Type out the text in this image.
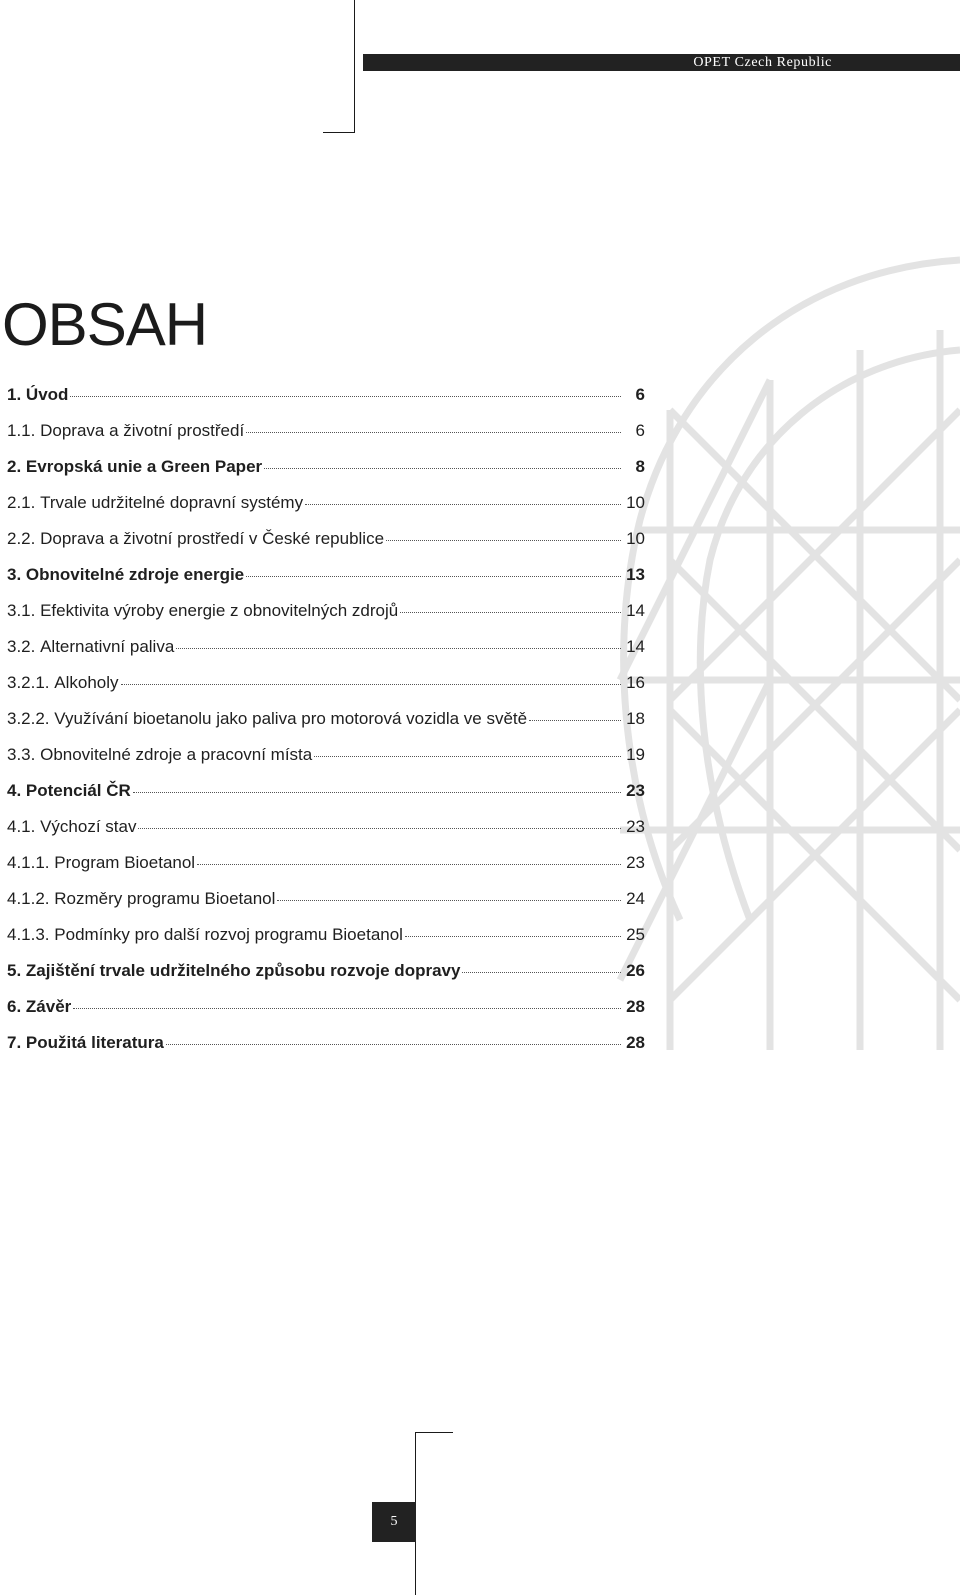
OPET Czech Republic
OBSAH
1.
Úvod	6
1.1.
Doprava a životní prostředí	6
2.
Evropská unie a Green Paper	8
2.1.
Trvale udržitelné dopravní systémy	10
2.2.
Doprava a životní prostředí v České republice	10
3.
Obnovitelné zdroje energie	13
3.1.
Efektivita výroby energie z obnovitelných zdrojů	14
3.2.
Alternativní paliva	14
3.2.1.
Alkoholy	16
3.2.2.
Využívání bioetanolu jako paliva pro motorová vozidla ve světě	18
3.3.
Obnovitelné zdroje a pracovní místa	19
4.
Potenciál ČR	23
4.1.
Výchozí stav	23
4.1.1.
Program Bioetanol	23
4.1.2.
Rozměry programu Bioetanol	24
4.1.3.
Podmínky pro další rozvoj programu Bioetanol	25
5.
Zajištění trvale udržitelného způsobu rozvoje dopravy	26
6.
Závěr	28
7.
Použitá literatura	28
5
